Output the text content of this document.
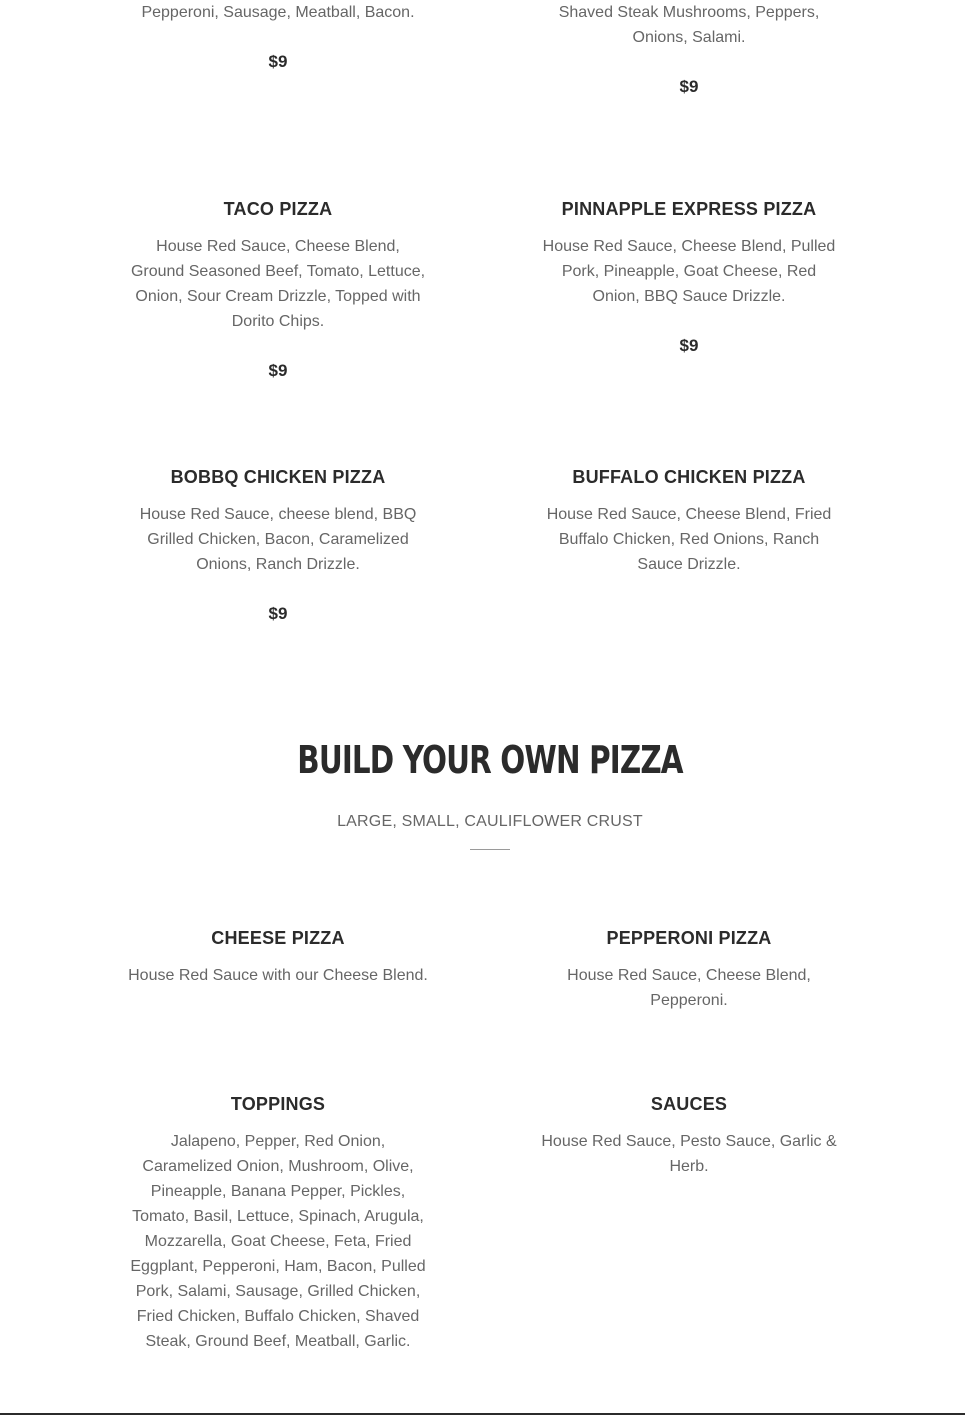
Pepperoni, Sausage, Meatball, Bacon.

$9

Shaved Steak Mushrooms, Peppers, Onions, Salami.

$9
TACO PIZZA

House Red Sauce, Cheese Blend, Ground Seasoned Beef, Tomato, Lettuce, Onion, Sour Cream Drizzle, Topped with Dorito Chips.

$9
PINNAPPLE EXPRESS PIZZA

House Red Sauce, Cheese Blend, Pulled Pork, Pineapple, Goat Cheese, Red Onion, BBQ Sauce Drizzle.

$9
BOBBQ CHICKEN PIZZA

House Red Sauce, cheese blend, BBQ Grilled Chicken, Bacon, Caramelized Onions, Ranch Drizzle.

$9
BUFFALO CHICKEN PIZZA

House Red Sauce, Cheese Blend, Fried Buffalo Chicken, Red Onions, Ranch Sauce Drizzle.

BUILD YOUR OWN PIZZA
LARGE, SMALL, CAULIFLOWER CRUST
CHEESE PIZZA

House Red Sauce with our Cheese Blend.

PEPPERONI PIZZA

House Red Sauce, Cheese Blend, Pepperoni.

TOPPINGS

Jalapeno, Pepper, Red Onion, Caramelized Onion, Mushroom, Olive, Pineapple, Banana Pepper, Pickles, Tomato, Basil, Lettuce, Spinach, Arugula, Mozzarella, Goat Cheese, Feta, Fried Eggplant, Pepperoni, Ham, Bacon, Pulled Pork, Salami, Sausage, Grilled Chicken, Fried Chicken, Buffalo Chicken, Shaved Steak, Ground Beef, Meatball, Garlic.

SAUCES

House Red Sauce, Pesto Sauce, Garlic & Herb.
